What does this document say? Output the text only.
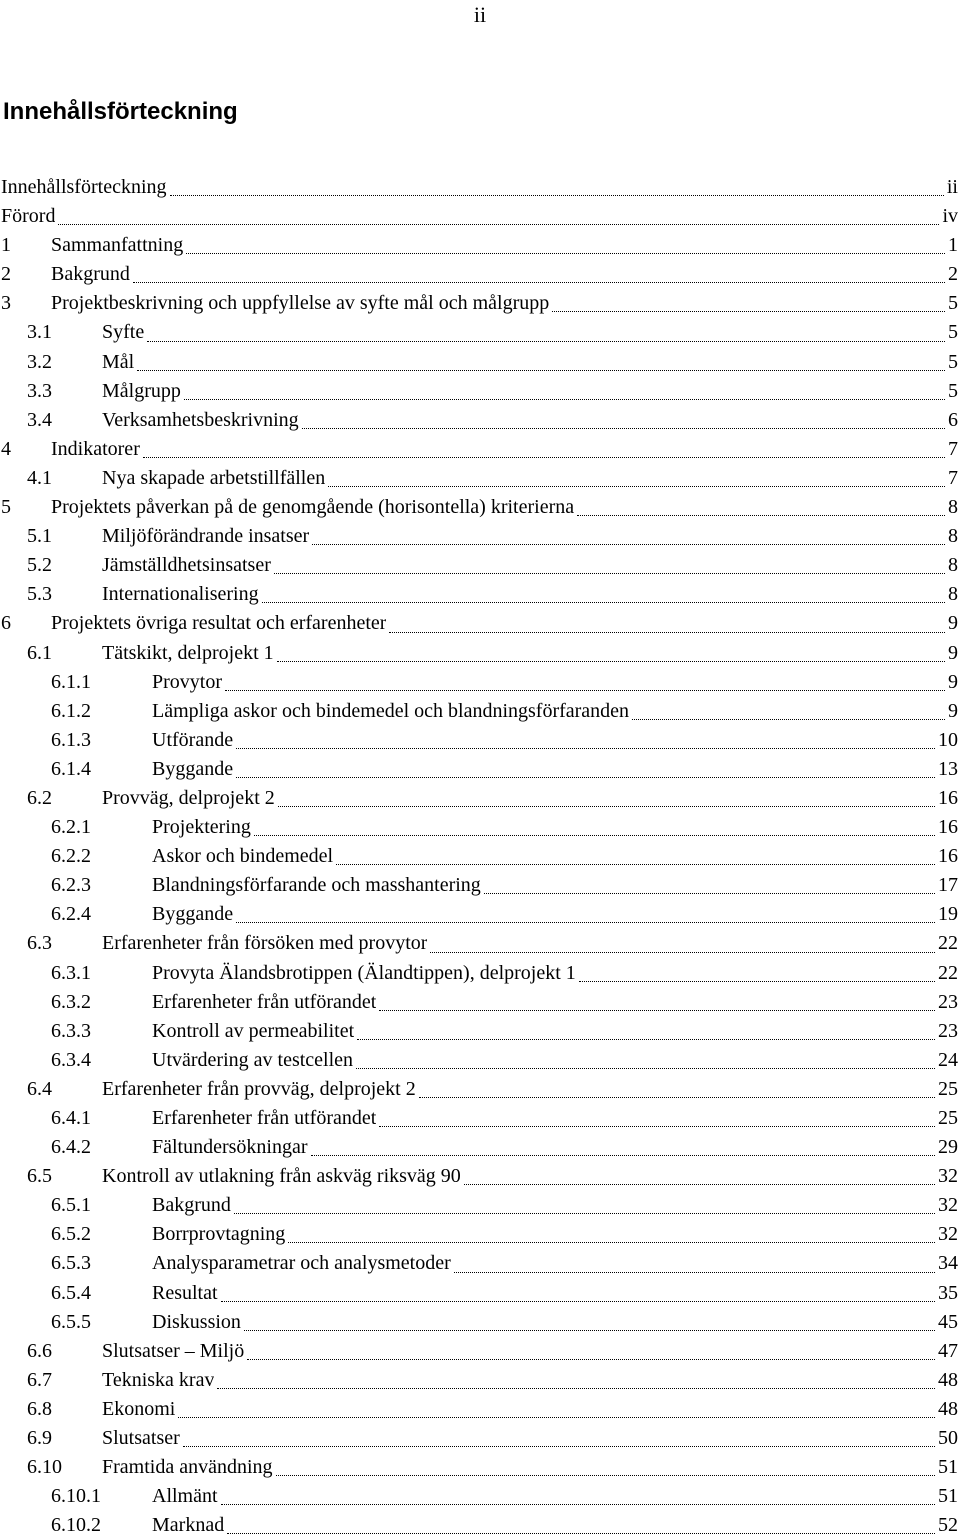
ii
Innehållsförteckning
Innehållsförteckning	ii
Förord	iv
1	Sammanfattning	1
2	Bakgrund	2
3	Projektbeskrivning och uppfyllelse av syfte mål och målgrupp	5
3.1	Syfte	5
3.2	Mål	5
3.3	Målgrupp	5
3.4	Verksamhetsbeskrivning	6
4	Indikatorer	7
4.1	Nya skapade arbetstillfällen	7
5	Projektets påverkan på de genomgående (horisontella) kriterierna	8
5.1	Miljöförändrande insatser	8
5.2	Jämställdhetsinsatser	8
5.3	Internationalisering	8
6	Projektets övriga resultat och erfarenheter	9
6.1	Tätskikt, delprojekt 1	9
6.1.1	Provytor	9
6.1.2	Lämpliga askor och bindemedel och blandningsförfaranden	9
6.1.3	Utförande	10
6.1.4	Byggande	13
6.2	Provväg, delprojekt 2	16
6.2.1	Projektering	16
6.2.2	Askor och bindemedel	16
6.2.3	Blandningsförfarande och masshantering	17
6.2.4	Byggande	19
6.3	Erfarenheter från försöken med provytor	22
6.3.1	Provyta Älandsbrotippen (Älandtippen), delprojekt 1	22
6.3.2	Erfarenheter från utförandet	23
6.3.3	Kontroll av permeabilitet	23
6.3.4	Utvärdering av testcellen	24
6.4	Erfarenheter från provväg, delprojekt 2	25
6.4.1	Erfarenheter från utförandet	25
6.4.2	Fältundersökningar	29
6.5	Kontroll av utlakning från askväg riksväg 90	32
6.5.1	Bakgrund	32
6.5.2	Borrprovtagning	32
6.5.3	Analysparametrar och analysmetoder	34
6.5.4	Resultat	35
6.5.5	Diskussion	45
6.6	Slutsatser – Miljö	47
6.7	Tekniska krav	48
6.8	Ekonomi	48
6.9	Slutsatser	50
6.10	Framtida användning	51
6.10.1	Allmänt	51
6.10.2	Marknad	52
